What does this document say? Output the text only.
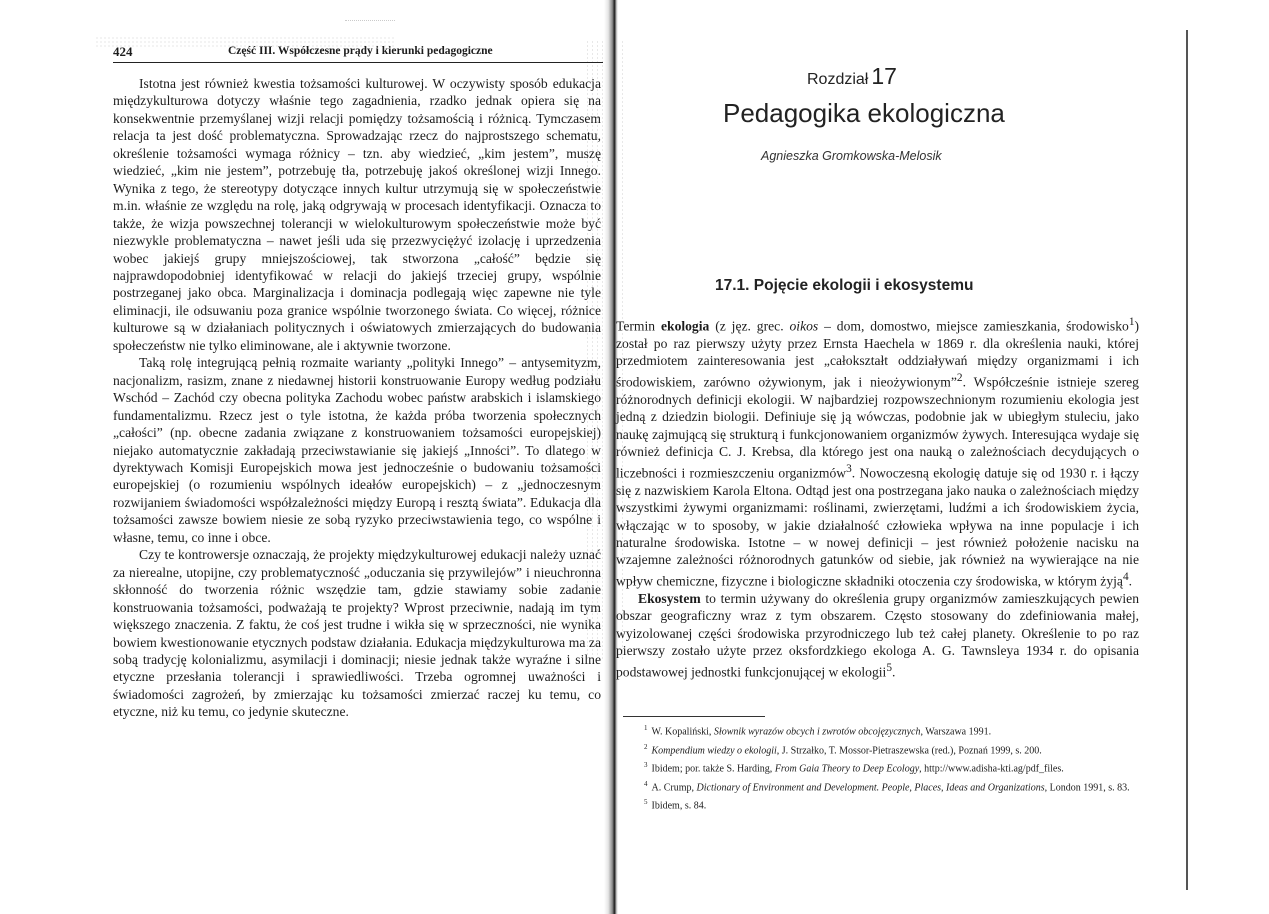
424	Część III. Współczesne prądy i kierunki pedagogiczne

Istotna jest również kwestia tożsamości kulturowej. W oczywisty sposób edukacja międzykulturowa dotyczy właśnie tego zagadnienia, rzadko jednak opiera się na konsekwentnie przemyślanej wizji relacji pomiędzy tożsamością i różnicą. Tymczasem relacja ta jest dość problematyczna. Sprowadzając rzecz do najprostszego schematu, określenie tożsamości wymaga różnicy – tzn. aby wiedzieć, „kim jestem”, muszę wiedzieć, „kim nie jestem”, potrzebuję tła, potrzebuję jakoś określonej wizji Innego. Wynika z tego, że stereotypy dotyczące innych kultur utrzymują się w społeczeństwie m.in. właśnie ze względu na rolę, jaką odgrywają w procesach identyfikacji. Oznacza to także, że wizja powszechnej tolerancji w wielokulturowym społeczeństwie może być niezwykle problematyczna – nawet jeśli uda się przezwyciężyć izolację i uprzedzenia wobec jakiejś grupy mniejszościowej, tak stworzona „całość” będzie się najprawdopodobniej identyfikować w relacji do jakiejś trzeciej grupy, wspólnie postrzeganej jako obca. Marginalizacja i dominacja podlegają więc zapewne nie tyle eliminacji, ile odsuwaniu poza granice wspólnie tworzonego świata. Co więcej, różnice kulturowe są w działaniach politycznych i oświatowych zmierzających do budowania społeczeństw nie tylko eliminowane, ale i aktywnie tworzone.

Taką rolę integrującą pełnią rozmaite warianty „polityki Innego” – antysemityzm, nacjonalizm, rasizm, znane z niedawnej historii konstruowanie Europy według podziału Wschód – Zachód czy obecna polityka Zachodu wobec państw arabskich i islamskiego fundamentalizmu. Rzecz jest o tyle istotna, że każda próba tworzenia społecznych „całości” (np. obecne zadania związane z konstruowaniem tożsamości europejskiej) niejako automatycznie zakładają przeciwstawianie się jakiejś „Inności”. To dlatego w dyrektywach Komisji Europejskich mowa jest jednocześnie o budowaniu tożsamości europejskiej (o rozumieniu wspólnych ideałów europejskich) – z „jednoczesnym rozwijaniem świadomości współzależności między Europą i resztą świata”. Edukacja dla tożsamości zawsze bowiem niesie ze sobą ryzyko przeciwstawienia tego, co wspólne i własne, temu, co inne i obce.

Czy te kontrowersje oznaczają, że projekty międzykulturowej edukacji należy uznać za nierealne, utopijne, czy problematyczność „oduczania się przywilejów” i nieuchronna skłonność do tworzenia różnic wszędzie tam, gdzie stawiamy sobie zadanie konstruowania tożsamości, podważają te projekty? Wprost przeciwnie, nadają im tym większego znaczenia. Z faktu, że coś jest trudne i wikła się w sprzeczności, nie wynika bowiem kwestionowanie etycznych podstaw działania. Edukacja międzykulturowa ma za sobą tradycję kolonializmu, asymilacji i dominacji; niesie jednak także wyraźne i silne etyczne przesłania tolerancji i sprawiedliwości. Trzeba ogromnej uważności i świadomości zagrożeń, by zmierzając ku tożsamości zmierzać raczej ku temu, co etyczne, niż ku temu, co jedynie skuteczne.

Rozdział 17
Pedagogika ekologiczna
Agnieszka Gromkowska-Melosik
17.1. Pojęcie ekologii i ekosystemu

Termin ekologia (z jęz. grec. oikos – dom, domostwo, miejsce zamieszkania, środowisko$^1$) został po raz pierwszy użyty przez Ernsta Haechela w 1869 r. dla określenia nauki, której przedmiotem zainteresowania jest „całokształt oddziaływań między organizmami i ich środowiskiem, zarówno ożywionym, jak i nieożywionym”$^2$. Współcześnie istnieje szereg różnorodnych definicji ekologii. W najbardziej rozpowszechnionym rozumieniu ekologia jest jedną z dziedzin biologii. Definiuje się ją wówczas, podobnie jak w ubiegłym stuleciu, jako naukę zajmującą się strukturą i funkcjonowaniem organizmów żywych. Interesująca wydaje się również definicja C. J. Krebsa, dla którego jest ona nauką o zależnościach decydujących o liczebności i rozmieszczeniu organizmów$^3$. Nowoczesną ekologię datuje się od 1930 r. i łączy się z nazwiskiem Karola Eltona. Odtąd jest ona postrzegana jako nauka o zależnościach między wszystkimi żywymi organizmami: roślinami, zwierzętami, ludźmi a ich środowiskiem życia, włączając w to sposoby, w jakie działalność człowieka wpływa na inne populacje i ich naturalne środowiska. Istotne – w nowej definicji – jest również położenie nacisku na wzajemne zależności różnorodnych gatunków od siebie, jak również na wywierające na nie wpływ chemiczne, fizyczne i biologiczne składniki otoczenia czy środowiska, w którym żyją$^4$.

Ekosystem to termin używany do określenia grupy organizmów zamieszkujących pewien obszar geograficzny wraz z tym obszarem. Często stosowany do zdefiniowania małej, wyizolowanej części środowiska przyrodniczego lub też całej planety. Określenie to po raz pierwszy zostało użyte przez oksfordzkiego ekologa A. G. Tawnsleya 1934 r. do opisania podstawowej jednostki funkcjonującej w ekologii$^5$.

$^1$ W. Kopaliński, Słownik wyrazów obcych i zwrotów obcojęzycznych, Warszawa 1991.
$^2$ Kompendium wiedzy o ekologii, J. Strzałko, T. Mossor-Pietraszewska (red.), Poznań 1999, s. 200.
$^3$ Ibidem; por. także S. Harding, From Gaia Theory to Deep Ecology, http://www.adisha-kti.ag/pdf_files.
$^4$ A. Crump, Dictionary of Environment and Development. People, Places, Ideas and Organizations, London 1991, s. 83.
$^5$ Ibidem, s. 84.
